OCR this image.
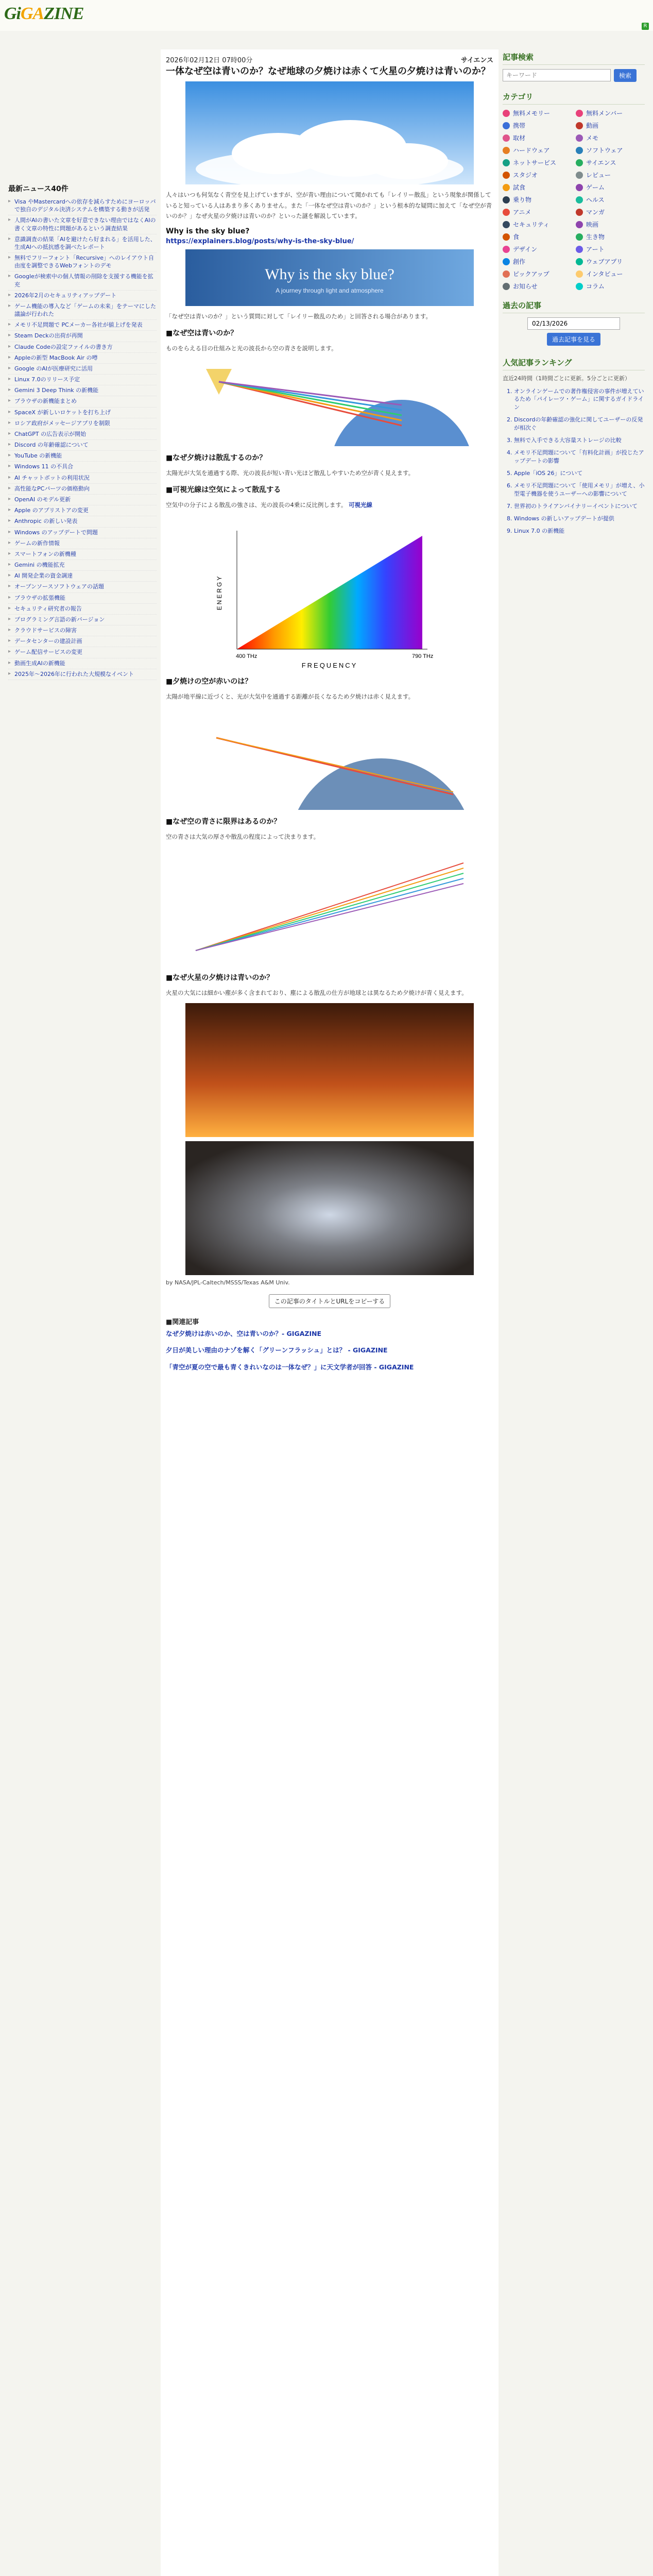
GiGAZINE
R
最新ニュース40件
▸ Visa やMastercardへの依存を減らすためにヨーロッパで独自のデジタル決済システムを構築する動きが活発
▸ 人間がAIの書いた文章を好意できない理由ではなくAIの書く文章の特性に問題があるという調査結果
▸ 意識調査の結果「AIを避けたら好まれる」を活用した、生成AIへの抵抗感を調べたレポート
▸ 無料でフリーフォント「Recursive」へのレイアウト自由度を調整できるWebフォントのデモ
▸ Googleが検索中の個人情報の削除を支援する機能を拡充
▸ 2026年2月のセキュリティアップデート
▸ ゲーム機能の導入など「ゲームの未来」をテーマにした議論が行われた
▸ メモリ不足問題で PCメーカー各社が値上げを発表
▸ Steam Deckの出荷が再開
▸ Claude Codeの設定ファイルの書き方
▸ Appleの新型 MacBook Air の噂
▸ Google のAIが医療研究に活用
▸ Linux 7.0のリリース予定
▸ Gemini 3 Deep Think の新機能
▸ ブラウザの新機能まとめ
▸ SpaceX が新しいロケットを打ち上げ
▸ ロシア政府がメッセージアプリを制限
▸ ChatGPT の広告表示が開始
▸ Discord の年齢確認について
▸ YouTube の新機能
▸ Windows 11 の不具合
▸ AI チャットボットの利用状況
▸ 高性能なPCパーツの価格動向
▸ OpenAI のモデル更新
▸ Apple のアプリストアの変更
▸ Anthropic の新しい発表
▸ Windows のアップデートで問題
▸ ゲームの新作情報
▸ スマートフォンの新機種
▸ Gemini の機能拡充
▸ AI 開発企業の資金調達
▸ オープンソースソフトウェアの話題
▸ ブラウザの拡張機能
▸ セキュリティ研究者の報告
▸ プログラミング言語の新バージョン
▸ クラウドサービスの障害
▸ データセンターの建設計画
▸ ゲーム配信サービスの変更
▸ 動画生成AIの新機能
▸ 2025年〜2026年に行われた大規模なイベント
2026年02月12日 07時00分	サイエンス
一体なぜ空は青いのか？なぜ地球の夕焼けは赤くて火星の夕焼けは青いのか？

人々はいつも何気なく青空を見上げていますが、空が青い理由について聞かれても「レイリー散乱」という現象が関係していると知っている人はあまり多くありません。また「一体なぜ空は青いのか？」という根本的な疑問に加えて「なぜ空が青いのか？」なぜ火星の夕焼けは青いのか？といった謎を解説しています。

Why is the sky blue?
https://explainers.blog/posts/why-is-the-sky-blue/
Why is the sky blue?
A journey through light and atmosphere

「なぜ空は青いのか？」という質問に対して「レイリー散乱のため」と回答される場合があります。

■なぜ空は青いのか？

ものをらえる目の仕組みと光の波長から空の青さを説明します。

■なぜ夕焼けは散乱するのか？

太陽光が大気を通過する際、光の波長が短い青い光ほど散乱しやすいため空が青く見えます。

■可視光線は空気によって散乱する

空気中の分子による散乱の強さは、光の波長の4乗に反比例します。 可視光線

400 THz	790 THz
FREQUENCY
ENERGY
■夕焼けの空が赤いのは？

太陽が地平線に近づくと、光が大気中を通過する距離が長くなるため夕焼けは赤く見えます。

■なぜ空の青さに限界はあるのか？

空の青さは大気の厚さや散乱の程度によって決まります。

■なぜ火星の夕焼けは青いのか？

火星の大気には細かい塵が多く含まれており、塵による散乱の仕方が地球とは異なるため夕焼けが青く見えます。

by NASA/JPL-Caltech/MSSS/Texas A&M Univ.
この記事のタイトルとURLをコピーする
■関連記事
なぜ夕焼けは赤いのか、空は青いのか？- GIGAZINE
夕日が美しい理由のナゾを解く「グリーンフラッシュ」とは？ - GIGAZINE
「青空が夏の空で最も青くきれいなのは一体なぜ？」に天文学者が回答 - GIGAZINE
記事検索
キーワード
検索
カテゴリ
無料メモリー	無料メンバー
携帯	動画
取材	メモ
ハードウェア	ソフトウェア
ネットサービス	サイエンス
スタジオ	レビュー
試食	ゲーム
乗り物	ヘルス
アニメ	マンガ
セキュリティ	映画
食	生き物
デザイン	アート
創作	ウェブアプリ
ピックアップ	インタビュー
お知らせ	コラム
過去の記事
02/13/2026
過去記事を見る
人気記事ランキング
直近24時間（1時間ごとに更新。5分ごとに更新）
1. オンラインゲームでの著作権侵害の事件が増えているため「パイレーツ・ゲーム」に関するガイドライン
2. Discordの年齢確認の強化に関してユーザーの反発が相次ぐ
3. 無料で入手できる大容量ストレージの比較
4. メモリ不足問題について「有料化計画」が投じたアップデートの影響
5. Apple「iOS 26」について
6. メモリ不足問題について「使用メモリ」が増え、小型電子機器を使うユーザーへの影響について
7. 世界初のトライアンバイナリーイベントについて
8. Windows の新しいアップデートが提供
9. Linux 7.0 の新機能
